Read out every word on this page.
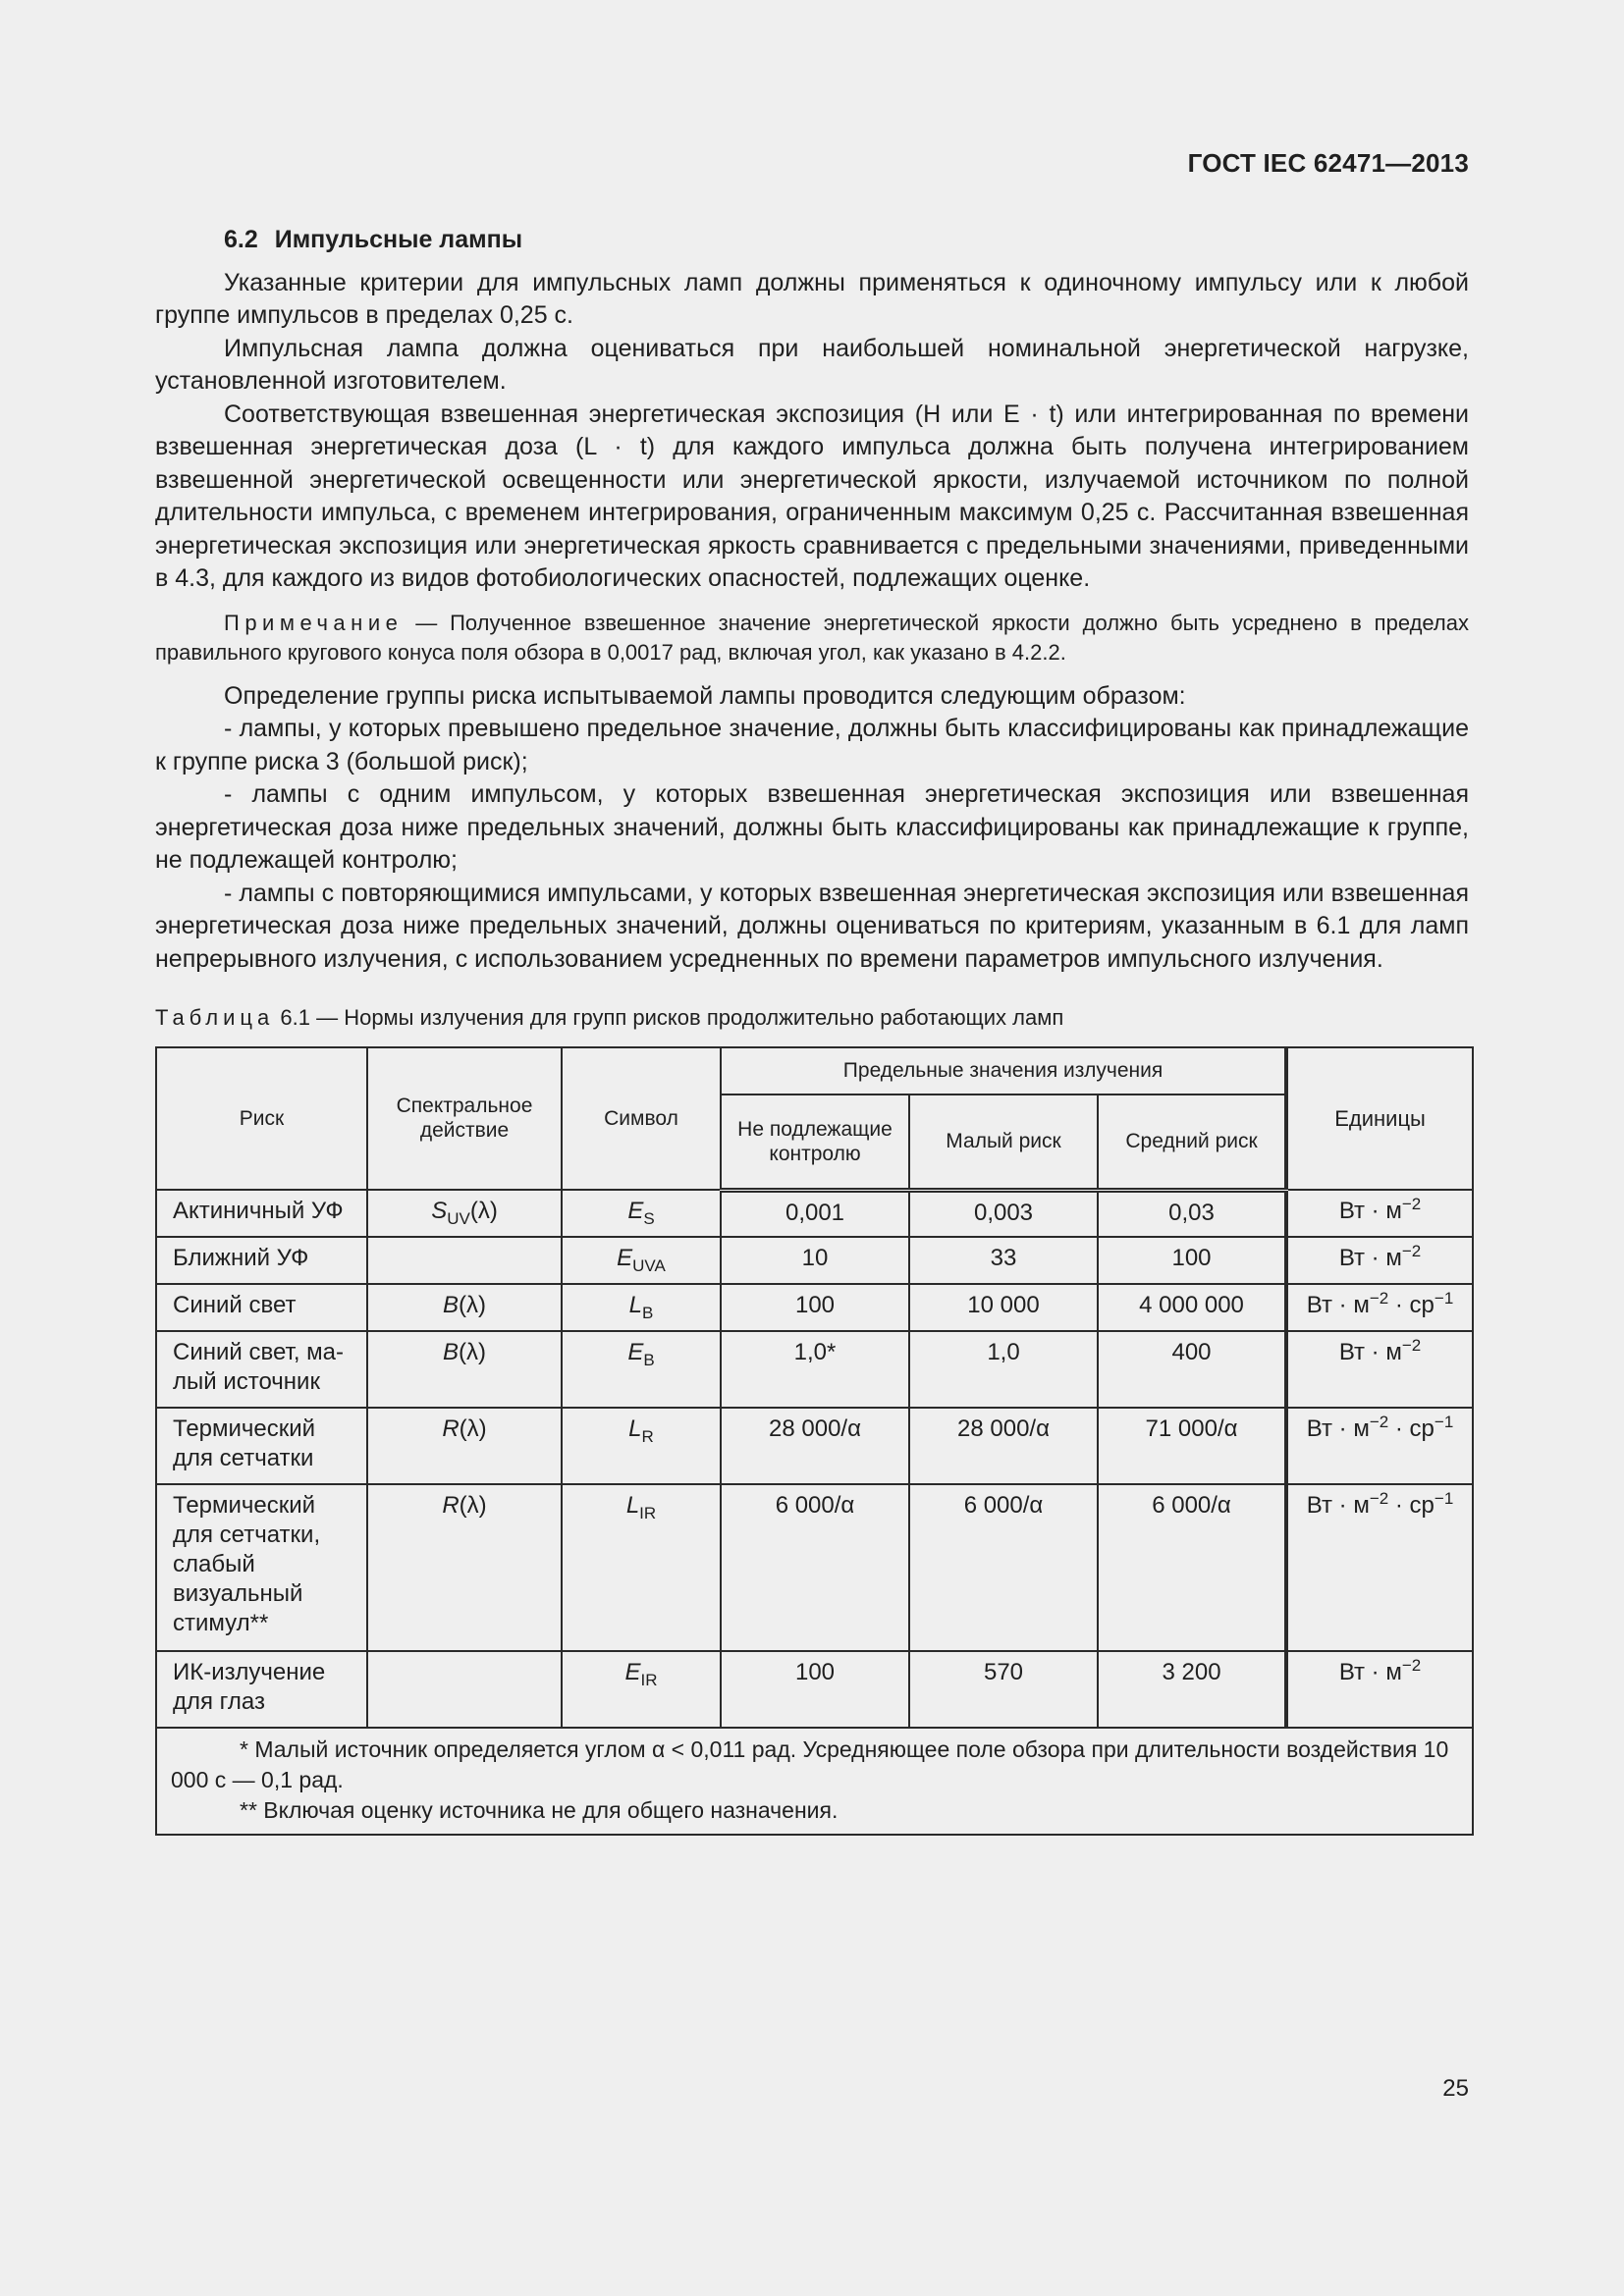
ГОСТ IEC 62471—2013
6.2 Импульсные лампы

Указанные критерии для импульсных ламп должны применяться к одиночному импульсу или к любой группе импульсов в пределах 0,25 с.

Импульсная лампа должна оцениваться при наибольшей номинальной энергетической нагрузке, установленной изготовителем.

Соответствующая взвешенная энергетическая экспозиция (H или E · t) или интегрированная по времени взвешенная энергетическая доза (L · t) для каждого импульса должна быть получена интегрированием взвешенной энергетической освещенности или энергетической яркости, излучаемой источником по полной длительности импульса, с временем интегрирования, ограниченным максимум 0,25 с. Рассчитанная взвешенная энергетическая экспозиция или энергетическая яркость сравнивается с предельными значениями, приведенными в 4.3, для каждого из видов фотобиологических опасностей, подлежащих оценке.

Примечание — Полученное взвешенное значение энергетической яркости должно быть усреднено в пределах правильного кругового конуса поля обзора в 0,0017 рад, включая угол, как указано в 4.2.2.

Определение группы риска испытываемой лампы проводится следующим образом:

- лампы, у которых превышено предельное значение, должны быть классифицированы как принадлежащие к группе риска 3 (большой риск);

- лампы с одним импульсом, у которых взвешенная энергетическая экспозиция или взвешенная энергетическая доза ниже предельных значений, должны быть классифицированы как принадлежащие к группе, не подлежащей контролю;

- лампы с повторяющимися импульсами, у которых взвешенная энергетическая экспозиция или взвешенная энергетическая доза ниже предельных значений, должны оцениваться по критериям, указанным в 6.1 для ламп непрерывного излучения, с использованием усредненных по времени параметров импульсного излучения.

Таблица 6.1 — Нормы излучения для групп рисков продолжительно работающих ламп
Риск	Спектральное действие	Символ	Предельные значения излучения			Единицы
			Не подлежащие контролю	Малый риск	Средний риск	
Актиничный УФ	$S_{UV}(\lambda)$	$E_S$	0,001	0,003	0,03	Вт · $м^{-2}$
Ближний УФ		$E_{UVA}$	10	33	100	Вт · $м^{-2}$
Синий свет	B(λ)	$L_B$	100	10 000	4 000 000	Вт · $м^{-2} \cdot ср^{-1}$
Синий свет, малый источник	B(λ)	$E_B$	1,0*	1,0	400	Вт · $м^{-2}$
Термический для сетчатки	R(λ)	$L_R$	28 000/α	28 000/α	71 000/α	Вт · $м^{-2} \cdot ср^{-1}$
Термический для сетчатки, слабый визуальный стимул**	R(λ)	$L_{IR}$	6 000/α	6 000/α	6 000/α	Вт · $м^{-2} \cdot ср^{-1}$
ИК-излучение для глаз		$E_{IR}$	100	570	3 200	Вт · $м^{-2}$

* Малый источник определяется углом α < 0,011 рад. Усредняющее поле обзора при длительности воздействия 10 000 с — 0,1 рад.
** Включая оценку источника не для общего назначения.						
25
